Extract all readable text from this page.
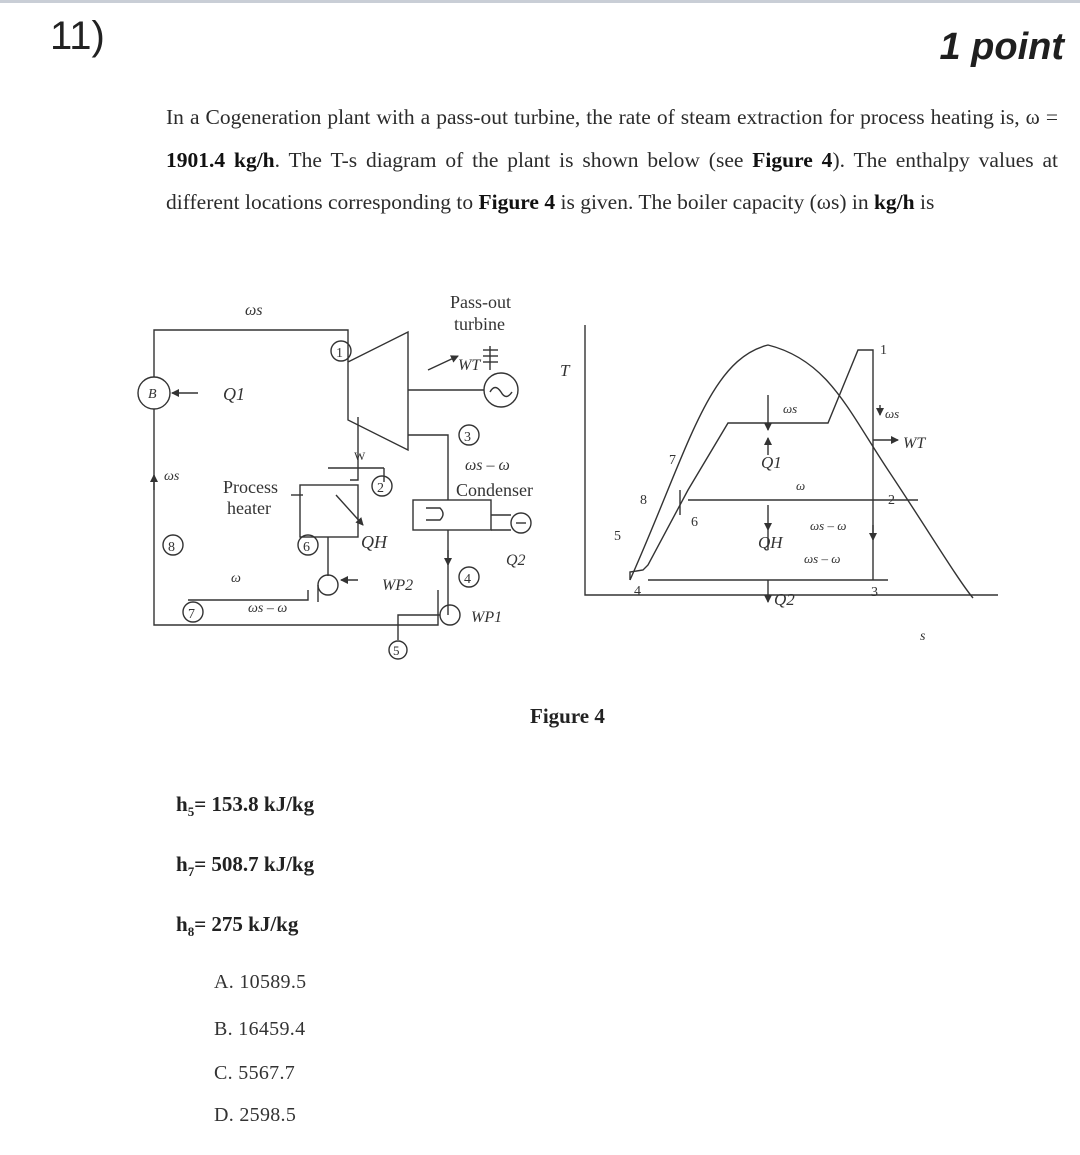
11)	1 point
In a Cogeneration plant with a pass-out turbine, the rate of steam extraction for process heating is, ω = 1901.4 kg/h. The T-s diagram of the plant is shown below (see Figure 4). The enthalpy values at different locations corresponding to Figure 4 is given. The boiler capacity (ωs) in kg/h is
B	Q1
ωs
ωs
W
Pass-out
turbine
WT
Process
heater
QH
ωs – ω
Condenser
Q2
WP1
WP2
ω
ωs – ω
1
2
3
4
5
6
7
8
T
s
ωs
Q1
ω
QH
ωs – ω
ωs – ω
Q2
ωs
WT
1
2
3
4
5
6
7
8
Figure 4
$h_5= 153.8$ kJ/kg
$h_7= 508.7$ kJ/kg
$h_8= 275$ kJ/kg
A. 10589.5
B. 16459.4
C. 5567.7
D. 2598.5
